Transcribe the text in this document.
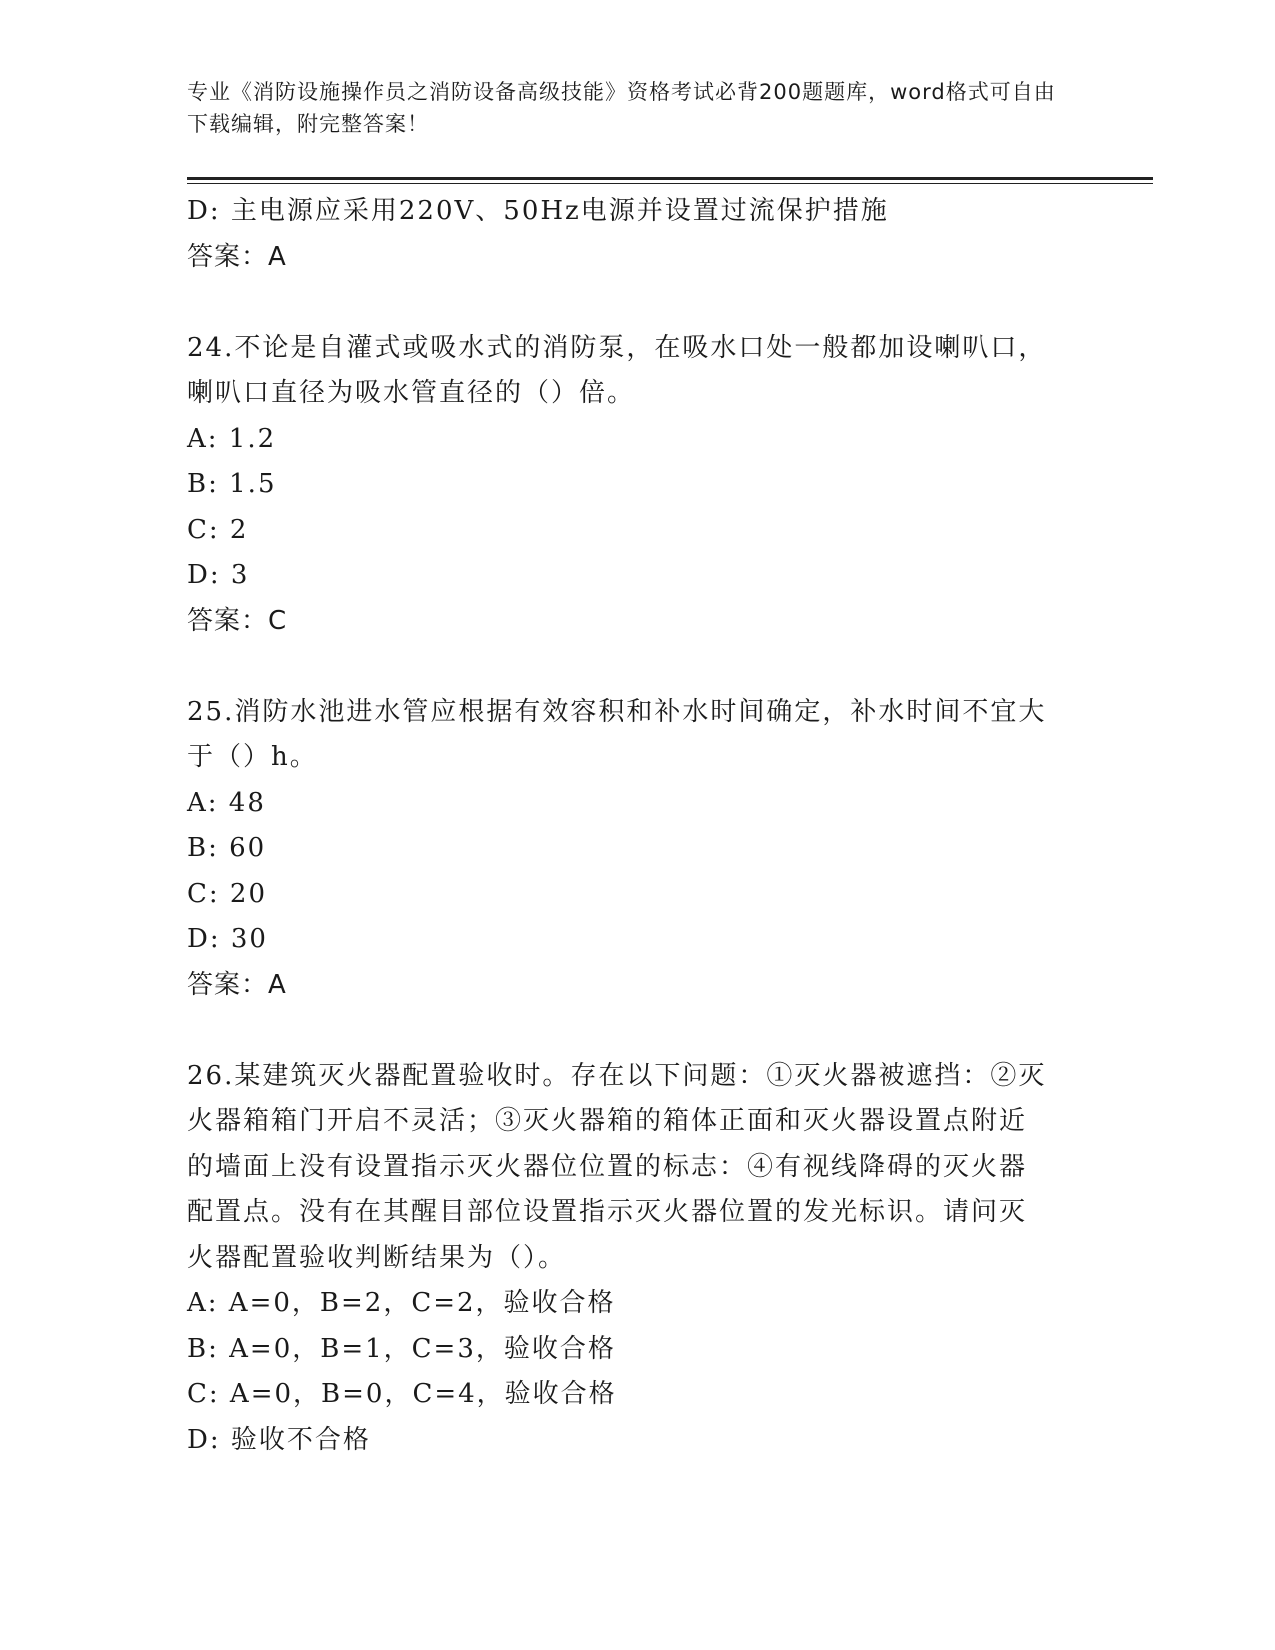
专业《消防设施操作员之消防设备高级技能》资格考试必背200题题库，word格式可自由下载编辑，附完整答案！
D: 主电源应采用220V、50Hz电源并设置过流保护措施
答案：A
24.不论是自灌式或吸水式的消防泵，在吸水口处一般都加设喇叭口，
喇叭口直径为吸水管直径的（）倍。
A: 1.2
B: 1.5
C: 2
D: 3
答案：C
25.消防水池进水管应根据有效容积和补水时间确定，补水时间不宜大
于（）h。
A: 48
B: 60
C: 20
D: 30
答案：A
26.某建筑灭火器配置验收时。存在以下问题：①灭火器被遮挡：②灭
火器箱箱门开启不灵活；③灭火器箱的箱体正面和灭火器设置点附近
的墙面上没有设置指示灭火器位位置的标志：④有视线降碍的灭火器
配置点。没有在其醒目部位设置指示灭火器位置的发光标识。请问灭
火器配置验收判断结果为（）。
A: A=0，B=2，C=2，验收合格
B: A=0，B=1，C=3，验收合格
C: A=0，B=0，C=4，验收合格
D: 验收不合格
